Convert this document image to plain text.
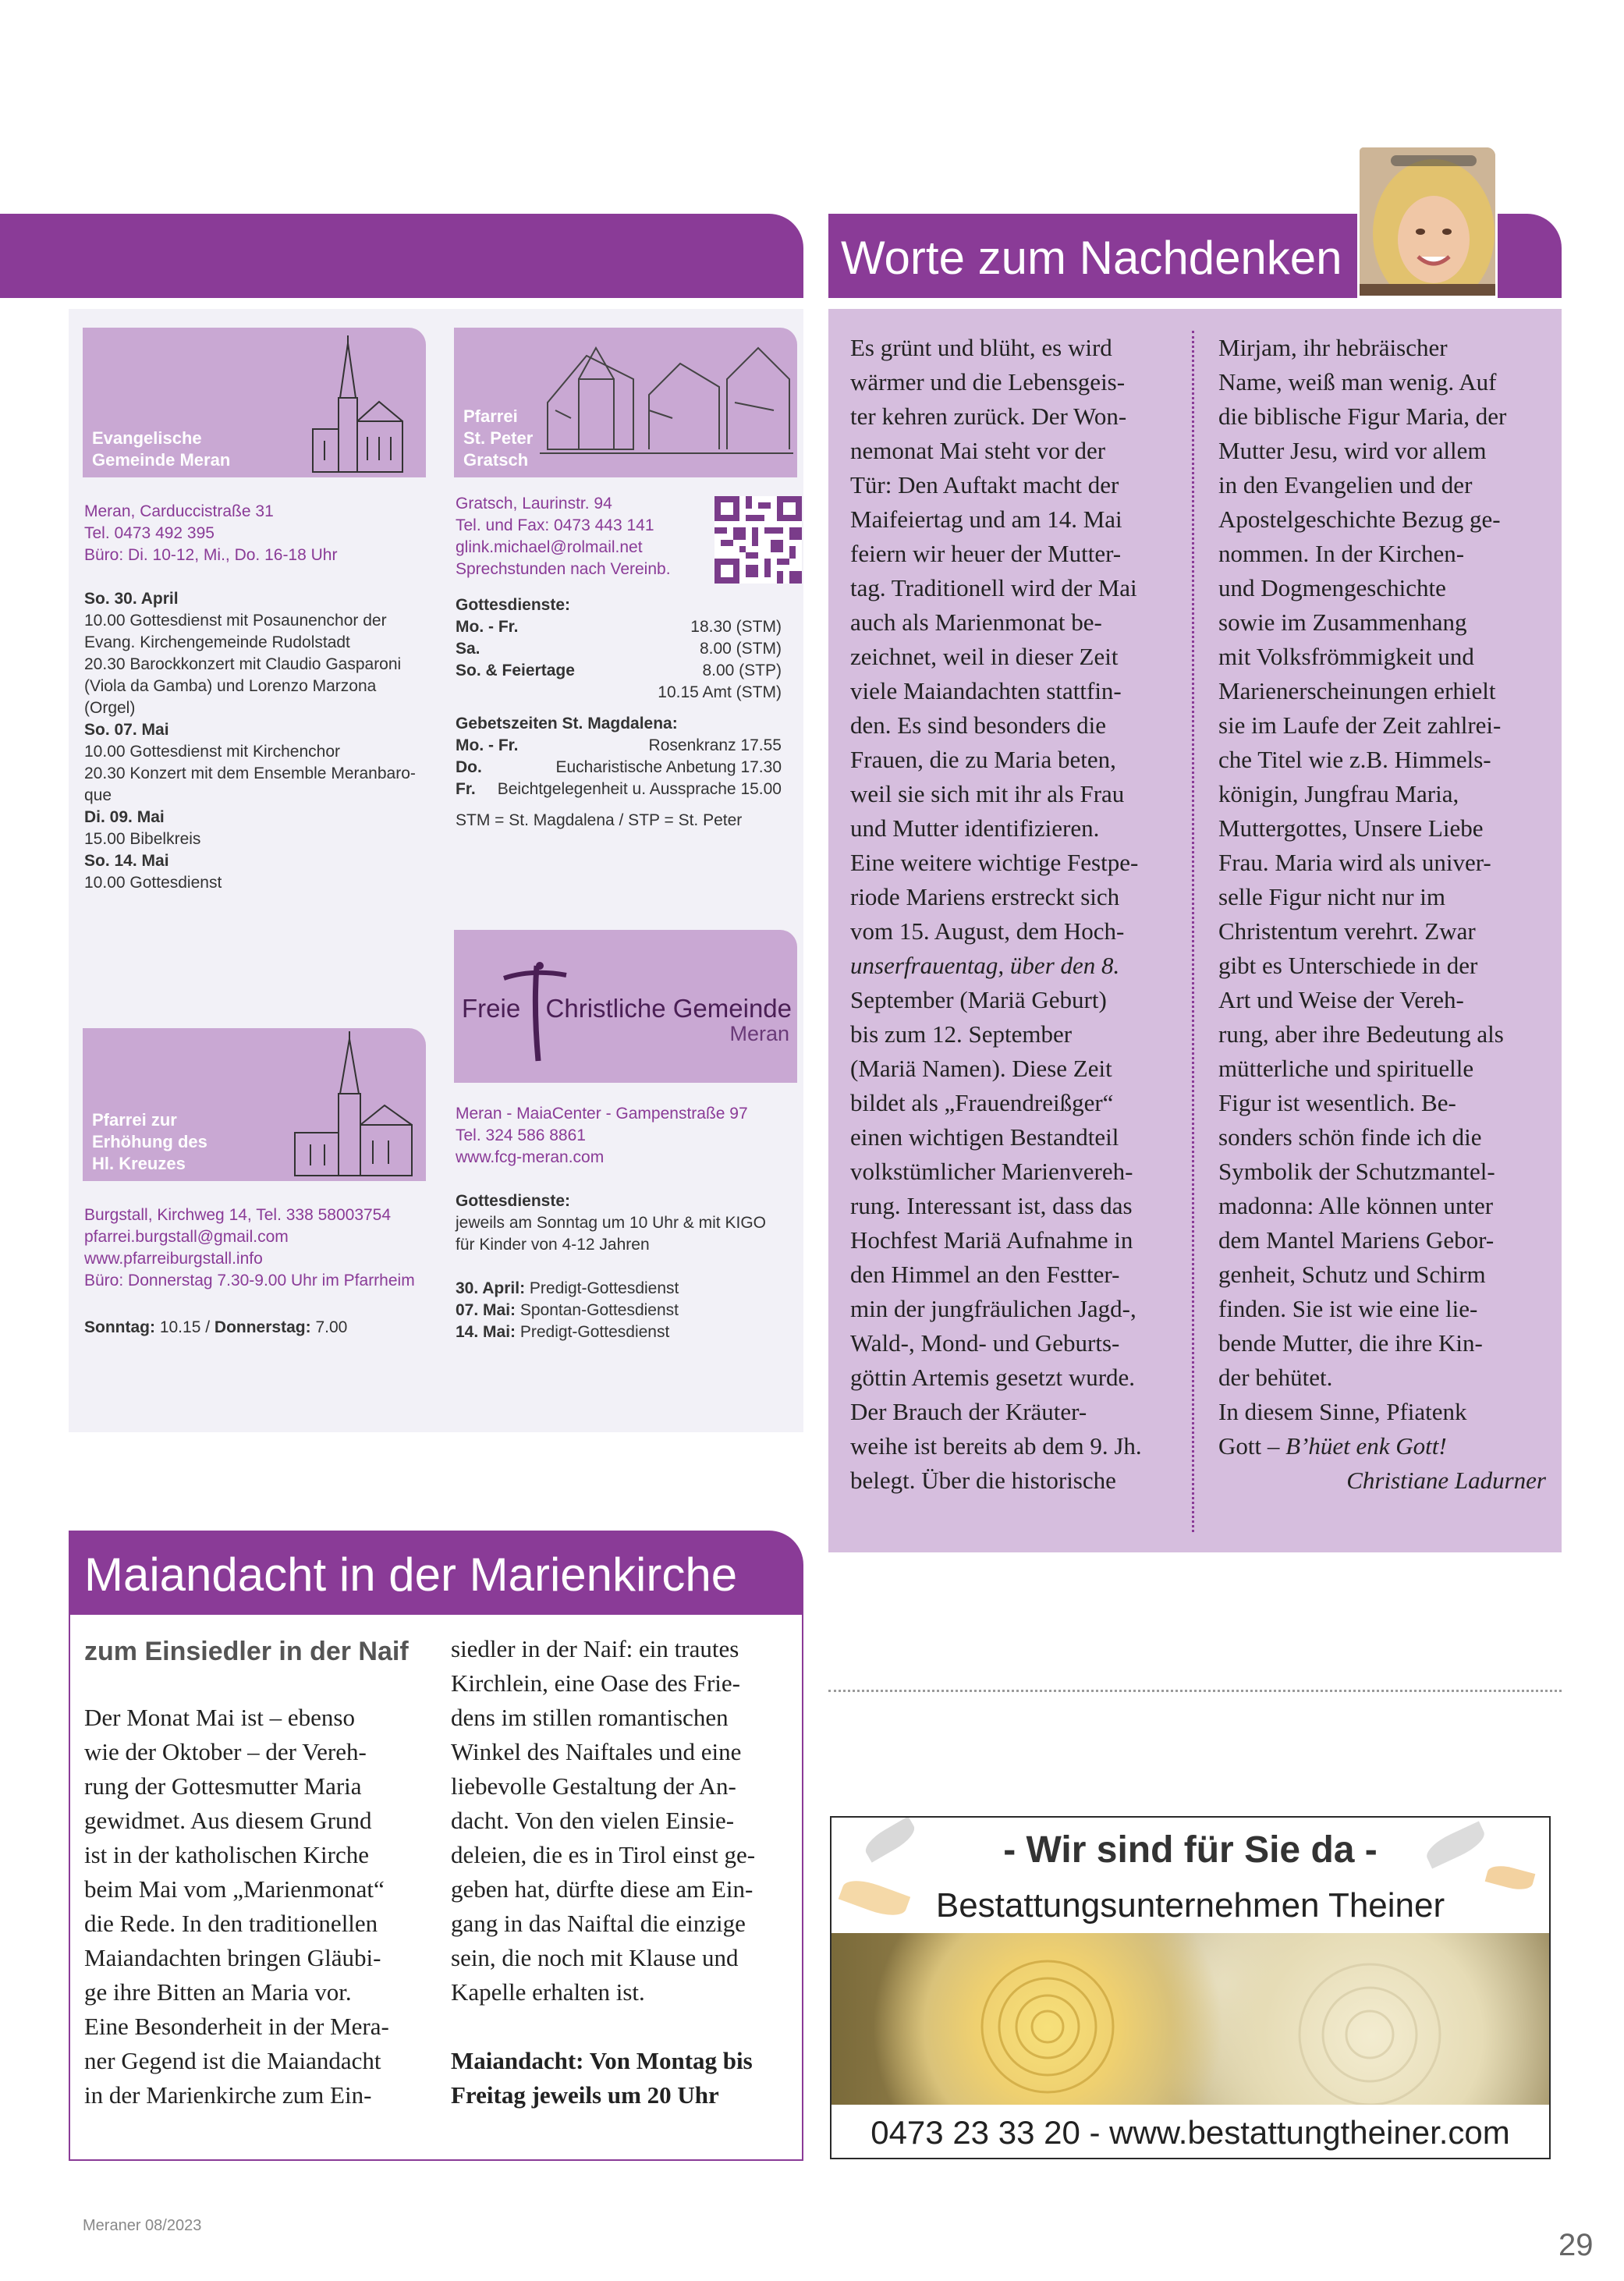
Worte zum Nachdenken
Evangelische
Gemeinde Meran
Meran, Carduccistraße 31
Tel. 0473 492 395
Büro: Di. 10-12, Mi., Do. 16-18 Uhr
So. 30. April
10.00 Gottesdienst mit Posaunenchor der
Evang. Kirchengemeinde Rudolstadt
20.30 Barockkonzert mit Claudio Gasparoni
(Viola da Gamba) und Lorenzo Marzona
(Orgel)
So. 07. Mai
10.00 Gottesdienst mit Kirchenchor
20.30 Konzert mit dem Ensemble Meranbaro-
que
Di. 09. Mai
15.00 Bibelkreis
So. 14. Mai
10.00 Gottesdienst
Pfarrei
St. Peter
Gratsch
Gratsch, Laurinstr. 94
Tel. und Fax: 0473 443 141
glink.michael@rolmail.net
Sprechstunden nach Vereinb.
Gottesdienste:
Mo. - Fr.	18.30 (STM)
Sa.	8.00 (STM)
So. & Feiertage	8.00 (STP)
10.15 Amt (STM)
Gebetszeiten St. Magdalena:
Mo. - Fr.	Rosenkranz 17.55
Do.	Eucharistische Anbetung 17.30
Fr. Beichtgelegenheit u. Aussprache 15.00
STM = St. Magdalena / STP = St. Peter
Freie Christliche Gemeinde
Meran
Pfarrei zur
Erhöhung des
Hl. Kreuzes
Burgstall, Kirchweg 14, Tel. 338 58003754
pfarrei.burgstall@gmail.com
www.pfarreiburgstall.info
Büro: Donnerstag 7.30-9.00 Uhr im Pfarrheim
Sonntag: 10.15 / Donnerstag: 7.00
Meran - MaiaCenter - Gampenstraße 97
Tel. 324 586 8861
www.fcg-meran.com
Gottesdienste:
jeweils am Sonntag um 10 Uhr & mit KIGO
für Kinder von 4-12 Jahren
30. April: Predigt-Gottesdienst
07. Mai: Spontan-Gottesdienst
14. Mai: Predigt-Gottesdienst

Es grünt und blüht, es wird

wärmer und die Lebensgeis-

ter kehren zurück. Der Won-

nemonat Mai steht vor der

Tür: Den Auftakt macht der

Maifeiertag und am 14. Mai

feiern wir heuer der Mutter-

tag. Traditionell wird der Mai

auch als Marienmonat be-

zeichnet, weil in dieser Zeit

viele Maiandachten stattfin-

den. Es sind besonders die

Frauen, die zu Maria beten,

weil sie sich mit ihr als Frau

und Mutter identifizieren.

Eine weitere wichtige Festpe-

riode Mariens erstreckt sich

vom 15. August, dem Hoch-

unserfrauentag, über den 8.

September (Mariä Geburt)

bis zum 12. September

(Mariä Namen). Diese Zeit

bildet als „Frauendreißger“

einen wichtigen Bestandteil

volkstümlicher Marienvereh-

rung. Interessant ist, dass das

Hochfest Mariä Aufnahme in

den Himmel an den Festter-

min der jungfräulichen Jagd-,

Wald-, Mond- und Geburts-

göttin Artemis gesetzt wurde.

Der Brauch der Kräuter-

weihe ist bereits ab dem 9. Jh.

belegt. Über die historische

Mirjam, ihr hebräischer

Name, weiß man wenig. Auf

die biblische Figur Maria, der

Mutter Jesu, wird vor allem

in den Evangelien und der

Apostelgeschichte Bezug ge-

nommen. In der Kirchen-

und Dogmengeschichte

sowie im Zusammenhang

mit Volksfrömmigkeit und

Marienerscheinungen erhielt

sie im Laufe der Zeit zahlrei-

che Titel wie z.B. Himmels-

königin, Jungfrau Maria,

Muttergottes, Unsere Liebe

Frau. Maria wird als univer-

selle Figur nicht nur im

Christentum verehrt. Zwar

gibt es Unterschiede in der

Art und Weise der Vereh-

rung, aber ihre Bedeutung als

mütterliche und spirituelle

Figur ist wesentlich. Be-

sonders schön finde ich die

Symbolik der Schutzmantel-

madonna: Alle können unter

dem Mantel Mariens Gebor-

genheit, Schutz und Schirm

finden. Sie ist wie eine lie-

bende Mutter, die ihre Kin-

der behütet.

In diesem Sinne, Pfiatenk

Gott – B’hüet enk Gott!

Christiane Ladurner

Maiandacht in der Marienkirche
zum Einsiedler in der Naif

Der Monat Mai ist – ebenso

wie der Oktober – der Vereh-

rung der Gottesmutter Maria

gewidmet. Aus diesem Grund

ist in der katholischen Kirche

beim Mai vom „Marienmonat“

die Rede. In den traditionellen

Maiandachten bringen Gläubi-

ge ihre Bitten an Maria vor.

Eine Besonderheit in der Mera-

ner Gegend ist die Maiandacht

in der Marienkirche zum Ein-

siedler in der Naif: ein trautes

Kirchlein, eine Oase des Frie-

dens im stillen romantischen

Winkel des Naiftales und eine

liebevolle Gestaltung der An-

dacht. Von den vielen Einsie-

deleien, die es in Tirol einst ge-

geben hat, dürfte diese am Ein-

gang in das Naiftal die einzige

sein, die noch mit Klause und

Kapelle erhalten ist.

Maiandacht: Von Montag bis

Freitag jeweils um 20 Uhr

- Wir sind für Sie da -
Bestattungsunternehmen Theiner
0473 23 33 20 - www.bestattungtheiner.com
Meraner 08/2023
29
